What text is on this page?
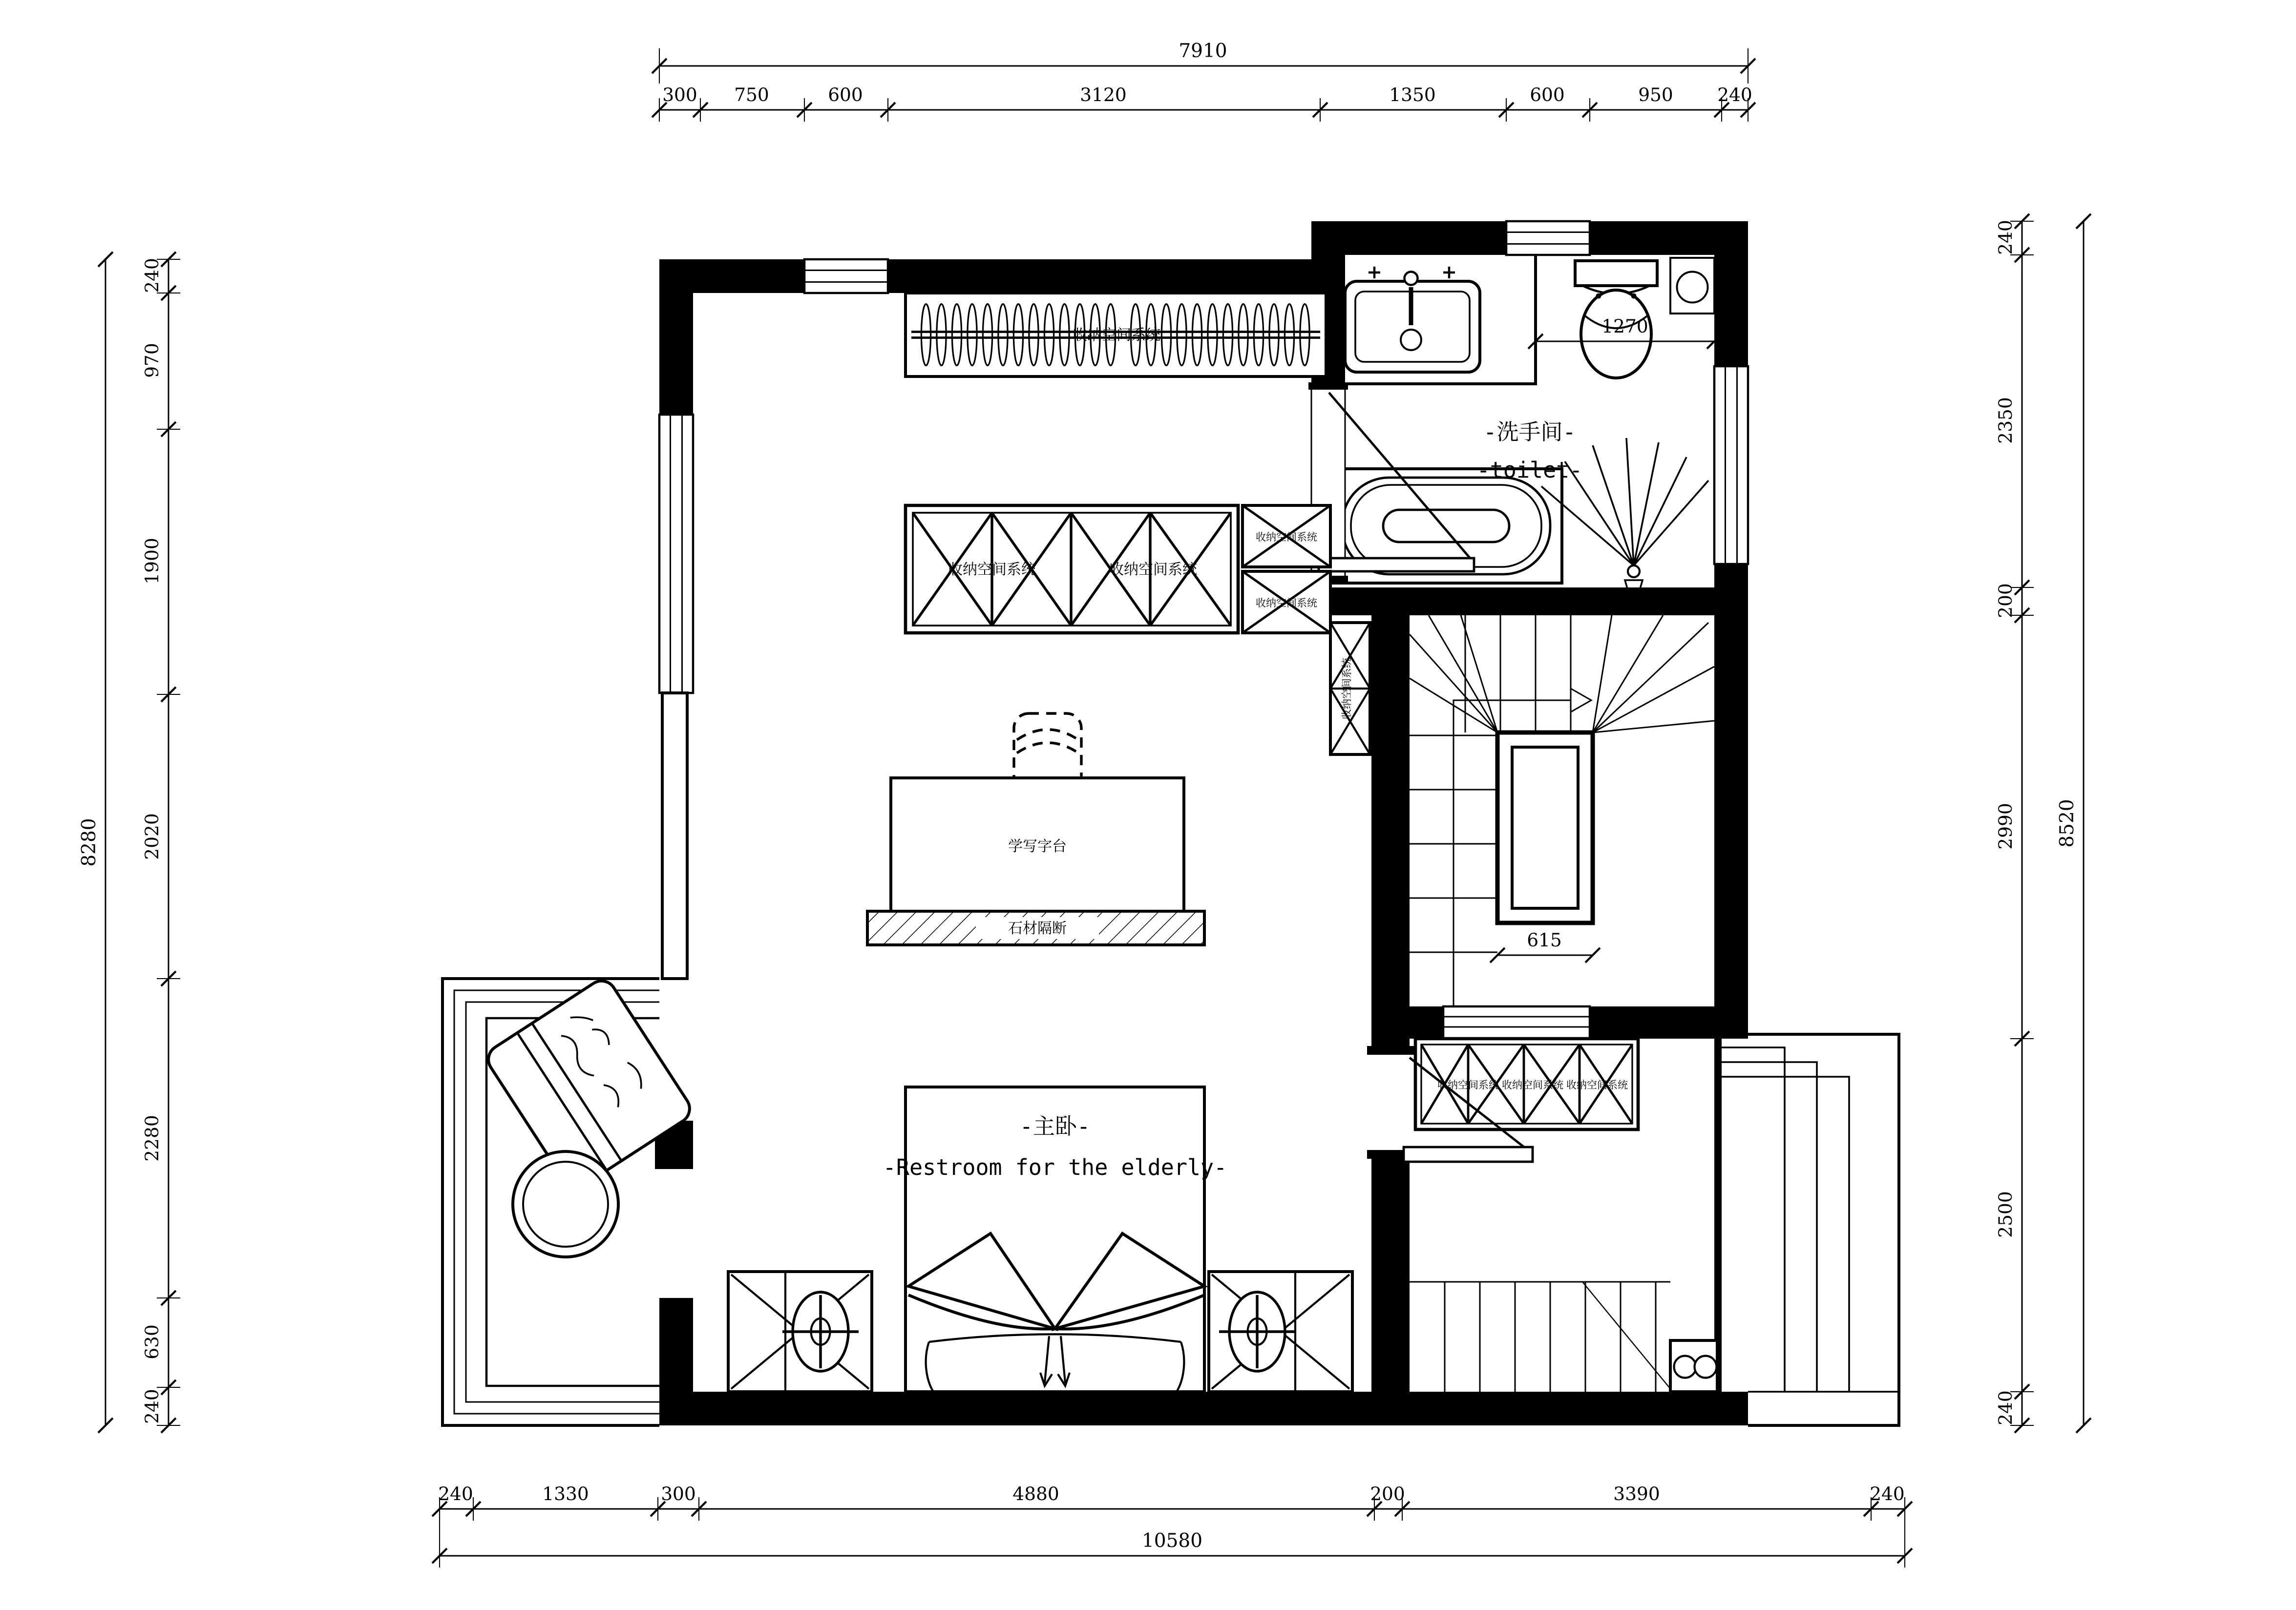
1270
-洗手间-
-toilet-
收纳空间系统
收纳空间系统	收纳空间系统
收纳空间系统
收纳空间系统
收纳空间系统
学写字台
石材隔断
615
-主卧-
-Restroom for the elderly-
收纳空间系统 收纳空间系统 收纳空间系统
7910
300	750	600	3120	1350	600	950	240
8280
240
970
1900
2020
2280
630
240
240
2350
200
2990
2500
240
8520
240	1330	300	4880	200	3390	240
10580
